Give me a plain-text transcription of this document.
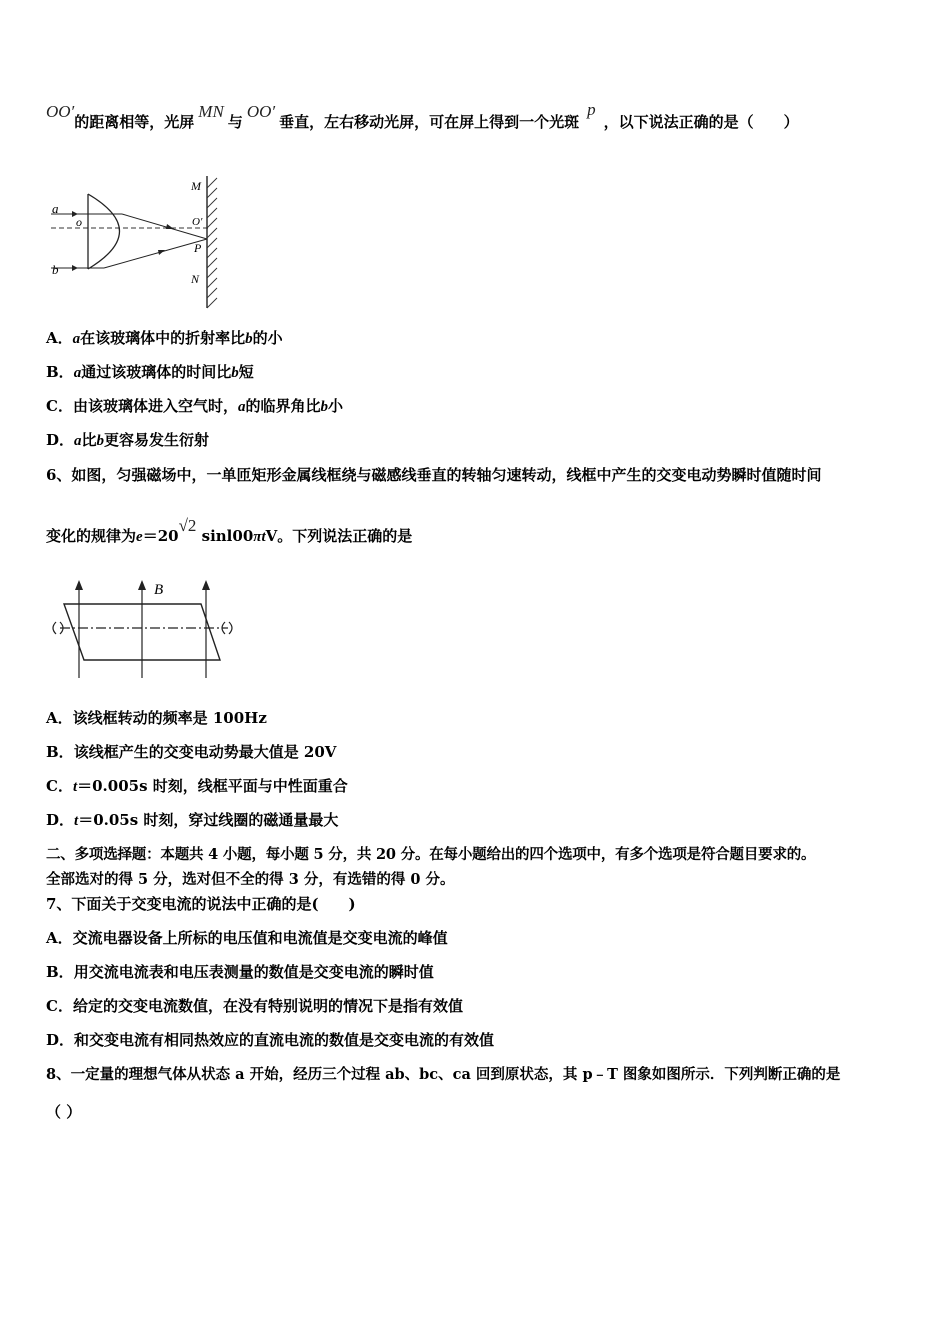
OO′的距离相等，光屏MN与OO′垂直，左右移动光屏，可在屏上得到一个光斑p，以下说法正确的是（　　）
a
o
b
M
O′
P
N
A．a在该玻璃体中的折射率比b的小
B．a通过该玻璃体的时间比b短
C．由该玻璃体进入空气时，a的临界角比b小
D．a比b更容易发生衍射
6、如图，匀强磁场中，一单匝矩形金属线框绕与磁感线垂直的转轴匀速转动，线框中产生的交变电动势瞬时值随时间
变化的规律为e＝20√2 sinl00πtV。下列说法正确的是
B
A．该线框转动的频率是 100Hz
B．该线框产生的交变电动势最大值是 20V
C．t＝0.005s 时刻，线框平面与中性面重合
D．t＝0.05s 时刻，穿过线圈的磁通量最大
二、多项选择题：本题共 4 小题，每小题 5 分，共 20 分。在每小题给出的四个选项中，有多个选项是符合题目要求的。
全部选对的得 5 分，选对但不全的得 3 分，有选错的得 0 分。
7、下面关于交变电流的说法中正确的是(　　)
A．交流电器设备上所标的电压值和电流值是交变电流的峰值
B．用交流电流表和电压表测量的数值是交变电流的瞬时值
C．给定的交变电流数值，在没有特别说明的情况下是指有效值
D．和交变电流有相同热效应的直流电流的数值是交变电流的有效值
8、一定量的理想气体从状态 a 开始，经历三个过程 ab、bc、ca 回到原状态，其 p﹣T 图象如图所示．下列判断正确的是
（ ）
